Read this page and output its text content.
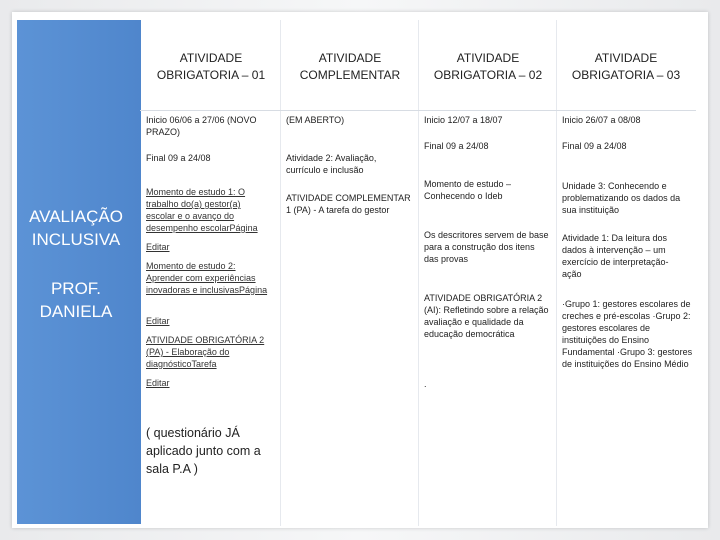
AVALIAÇÃO INCLUSIVA
PROF. DANIELA
ATIVIDADE OBRIGATORIA – 01
ATIVIDADE COMPLEMENTAR
ATIVIDADE OBRIGATORIA – 02
ATIVIDADE OBRIGATORIA – 03
Inicio 06/06 a 27/06 (NOVO PRAZO)
Final 09 a 24/08
Momento de estudo 1: O trabalho do(a) gestor(a) escolar e o avanço do desempenho escolarPágina
Editar
Momento de estudo 2: Aprender com experiências inovadoras e inclusivasPágina
Editar
ATIVIDADE OBRIGATÓRIA 2 (PA) - Elaboração do diagnósticoTarefa
Editar
( questionário JÁ aplicado junto com a sala P.A )
(EM ABERTO)
Atividade 2: Avaliação, currículo e inclusão
ATIVIDADE COMPLEMENTAR 1 (PA) - A tarefa do gestor
Inicio 12/07 a 18/07
Final 09 a 24/08
Momento de estudo – Conhecendo o Ideb
Os descritores servem de base para a construção dos itens das provas
ATIVIDADE OBRIGATÓRIA 2 (AI): Refletindo sobre a relação avaliação e qualidade da educação democrática
.
Inicio 26/07 a 08/08
Final 09 a 24/08
Unidade 3: Conhecendo e problematizando os dados da sua instituição
Atividade 1: Da leitura dos dados à intervenção – um exercício de interpretação-ação
·Grupo 1: gestores escolares de creches e pré-escolas ·Grupo 2: gestores escolares de instituições do Ensino Fundamental ·Grupo 3: gestores de instituições do Ensino Médio
